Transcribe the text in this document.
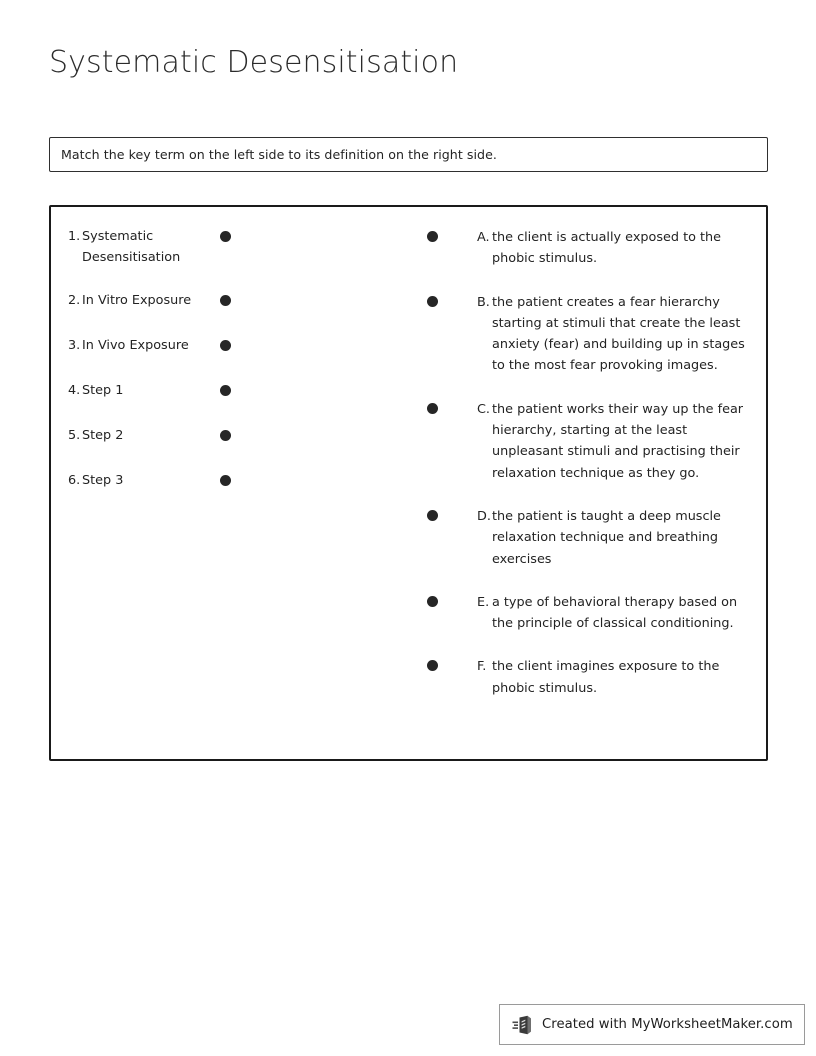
Systematic Desensitisation
Match the key term on the left side to its definition on the right side.
1. Systematic Desensitisation
2. In Vitro Exposure
3. In Vivo Exposure
4. Step 1
5. Step 2
6. Step 3
A. the client is actually exposed to the phobic stimulus.
B. the patient creates a fear hierarchy starting at stimuli that create the least anxiety (fear) and building up in stages to the most fear provoking images.
C. the patient works their way up the fear hierarchy, starting at the least unpleasant stimuli and practising their relaxation technique as they go.
D. the patient is taught a deep muscle relaxation technique and breathing exercises
E. a type of behavioral therapy based on the principle of classical conditioning.
F. the client imagines exposure to the phobic stimulus.
Created with MyWorksheetMaker.com
